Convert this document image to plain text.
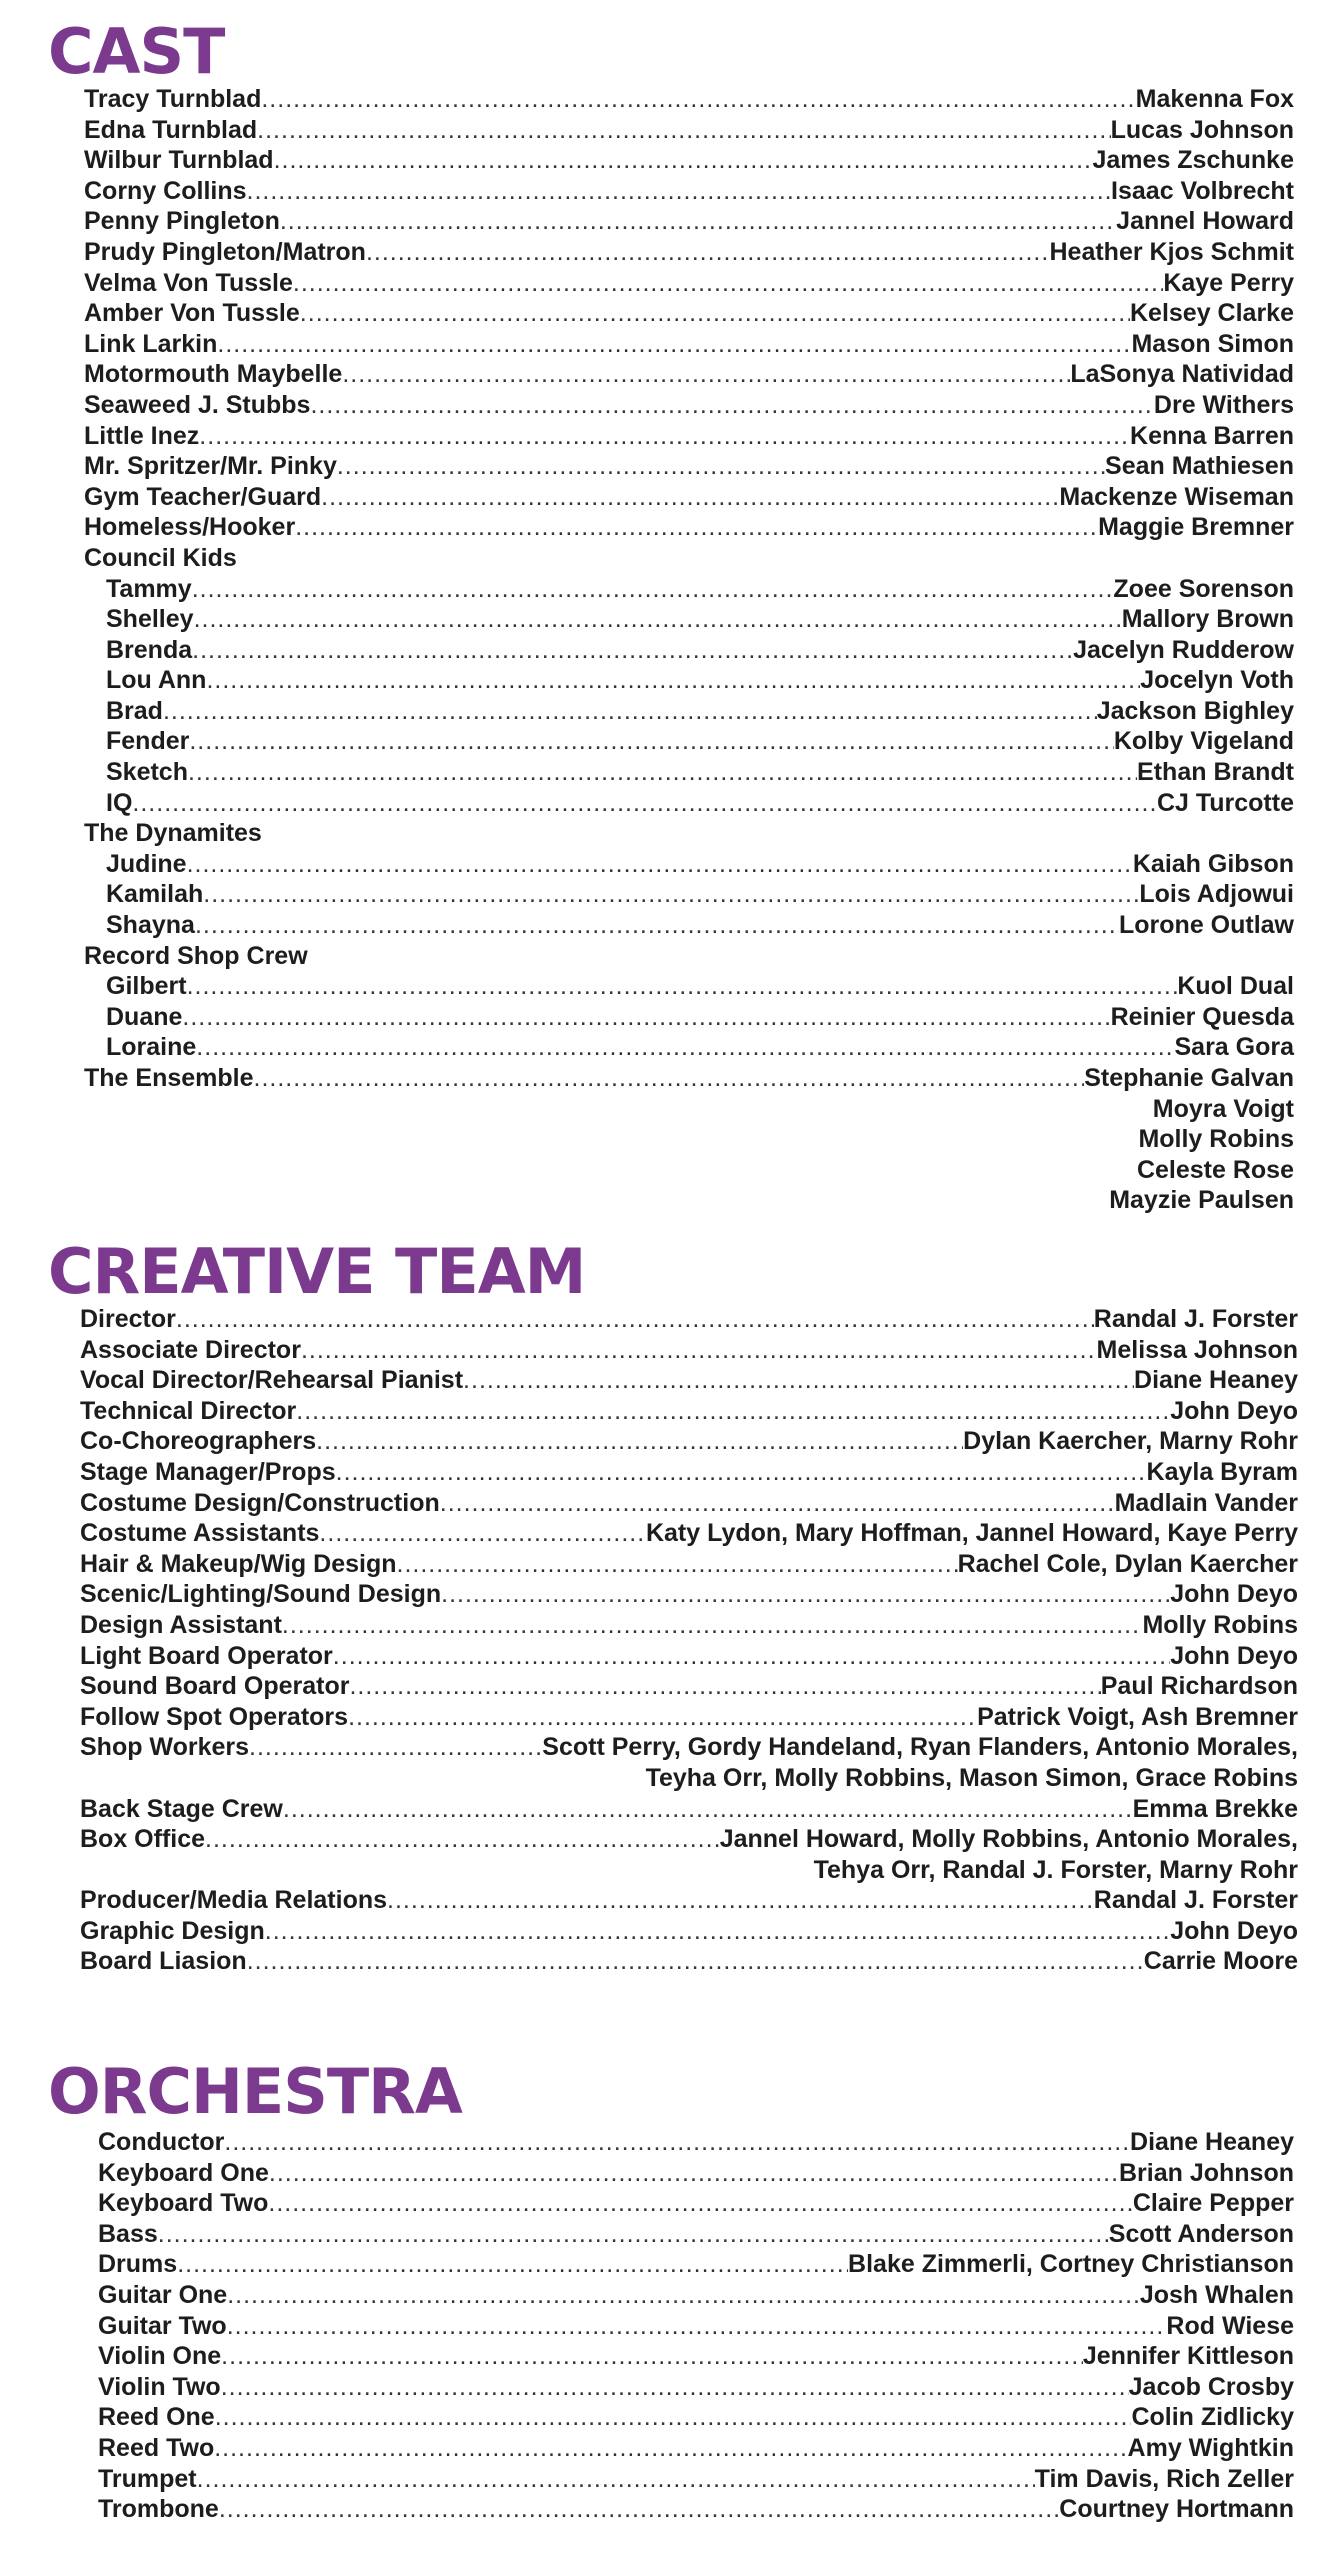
CAST
Tracy Turnblad .....	Makenna Fox
Edna Turnblad .....	Lucas Johnson
Wilbur Turnblad .....	James Zschunke
Corny Collins .....	Isaac Volbrecht
Penny Pingleton .....	Jannel Howard
Prudy Pingleton/Matron .....	Heather Kjos Schmit
Velma Von Tussle .....	Kaye Perry
Amber Von Tussle .....	Kelsey Clarke
Link Larkin .....	Mason Simon
Motormouth Maybelle .....	LaSonya Natividad
Seaweed J. Stubbs .....	Dre Withers
Little Inez .....	Kenna Barren
Mr. Spritzer/Mr. Pinky .....	Sean Mathiesen
Gym Teacher/Guard .....	Mackenze Wiseman
Homeless/Hooker .....	Maggie Bremner
Council Kids
Tammy .....	Zoee Sorenson
Shelley .....	Mallory Brown
Brenda .....	Jacelyn Rudderow
Lou Ann .....	Jocelyn Voth
Brad .....	Jackson Bighley
Fender .....	Kolby Vigeland
Sketch .....	Ethan Brandt
IQ .....	CJ Turcotte
The Dynamites
Judine .....	Kaiah Gibson
Kamilah .....	Lois Adjowui
Shayna .....	Lorone Outlaw
Record Shop Crew
Gilbert .....	Kuol Dual
Duane .....	Reinier Quesda
Loraine .....	Sara Gora
The Ensemble .....	Stephanie Galvan
Moyra Voigt
Molly Robins
Celeste Rose
Mayzie Paulsen
CREATIVE TEAM
Director .....	Randal J. Forster
Associate Director .....	Melissa Johnson
Vocal Director/Rehearsal Pianist .....	Diane Heaney
Technical Director .....	John Deyo
Co-Choreographers .....	Dylan Kaercher, Marny Rohr
Stage Manager/Props .....	Kayla Byram
Costume Design/Construction .....	Madlain Vander
Costume Assistants .....	Katy Lydon, Mary Hoffman, Jannel Howard, Kaye Perry
Hair & Makeup/Wig Design .....	Rachel Cole, Dylan Kaercher
Scenic/Lighting/Sound Design .....	John Deyo
Design Assistant .....	Molly Robins
Light Board Operator .....	John Deyo
Sound Board Operator .....	Paul Richardson
Follow Spot Operators .....	Patrick Voigt, Ash Bremner
Shop Workers .....	Scott Perry, Gordy Handeland, Ryan Flanders, Antonio Morales,
Teyha Orr, Molly Robbins, Mason Simon, Grace Robins
Back Stage Crew .....	Emma Brekke
Box Office .....	Jannel Howard, Molly Robbins, Antonio Morales,
Tehya Orr, Randal J. Forster, Marny Rohr
Producer/Media Relations .....	Randal J. Forster
Graphic Design .....	John Deyo
Board Liasion .....	Carrie Moore
ORCHESTRA
Conductor .....	Diane Heaney
Keyboard One .....	Brian Johnson
Keyboard Two .....	Claire Pepper
Bass .....	Scott Anderson
Drums .....	Blake Zimmerli, Cortney Christianson
Guitar One .....	Josh Whalen
Guitar Two .....	Rod Wiese
Violin One .....	Jennifer Kittleson
Violin Two .....	Jacob Crosby
Reed One .....	Colin Zidlicky
Reed Two .....	Amy Wightkin
Trumpet .....	Tim Davis, Rich Zeller
Trombone .....	Courtney Hortmann
